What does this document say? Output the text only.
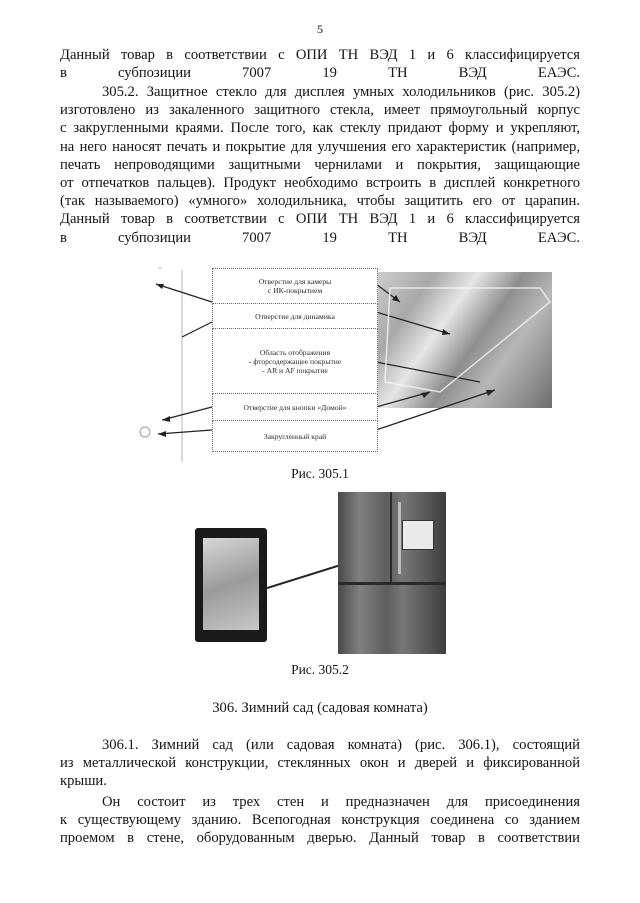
5
Данный товар в соответствии с ОПИ ТН ВЭД 1 и 6 классифицируется
в субпозиции 7007 19 ТН ВЭД ЕАЭС.
305.2. Защитное стекло для дисплея умных холодильников (рис. 305.2)
изготовлено из закаленного защитного стекла, имеет прямоугольный корпус
с закругленными краями. После того, как стеклу придают форму и укрепляют,
на него наносят печать и покрытие для улучшения его характеристик (например,
печать непроводящими защитными чернилами и покрытия, защищающие
от отпечатков пальцев). Продукт необходимо встроить в дисплей конкретного
(так называемого) «умного» холодильника, чтобы защитить его от царапин.
Данный товар в соответствии с ОПИ ТН ВЭД 1 и 6 классифицируется
в субпозиции 7007 19 ТН ВЭД ЕАЭС.
Отверстие для камеры
с ИК-покрытием
Отверстие для динамика
Область отображения
- фторсодержащее покрытие
- AR и AF покрытие
Отверстие для кнопки «Домой»
Закругленный край
Рис. 305.1
Рис. 305.2
306. Зимний сад (садовая комната)
306.1. Зимний сад (или садовая комната) (рис. 306.1), состоящий
из металлической конструкции, стеклянных окон и дверей и фиксированной
крыши.
Он состоит из трех стен и предназначен для присоединения
к существующему зданию. Всепогодная конструкция соединена со зданием
проемом в стене, оборудованным дверью. Данный товар в соответствии
